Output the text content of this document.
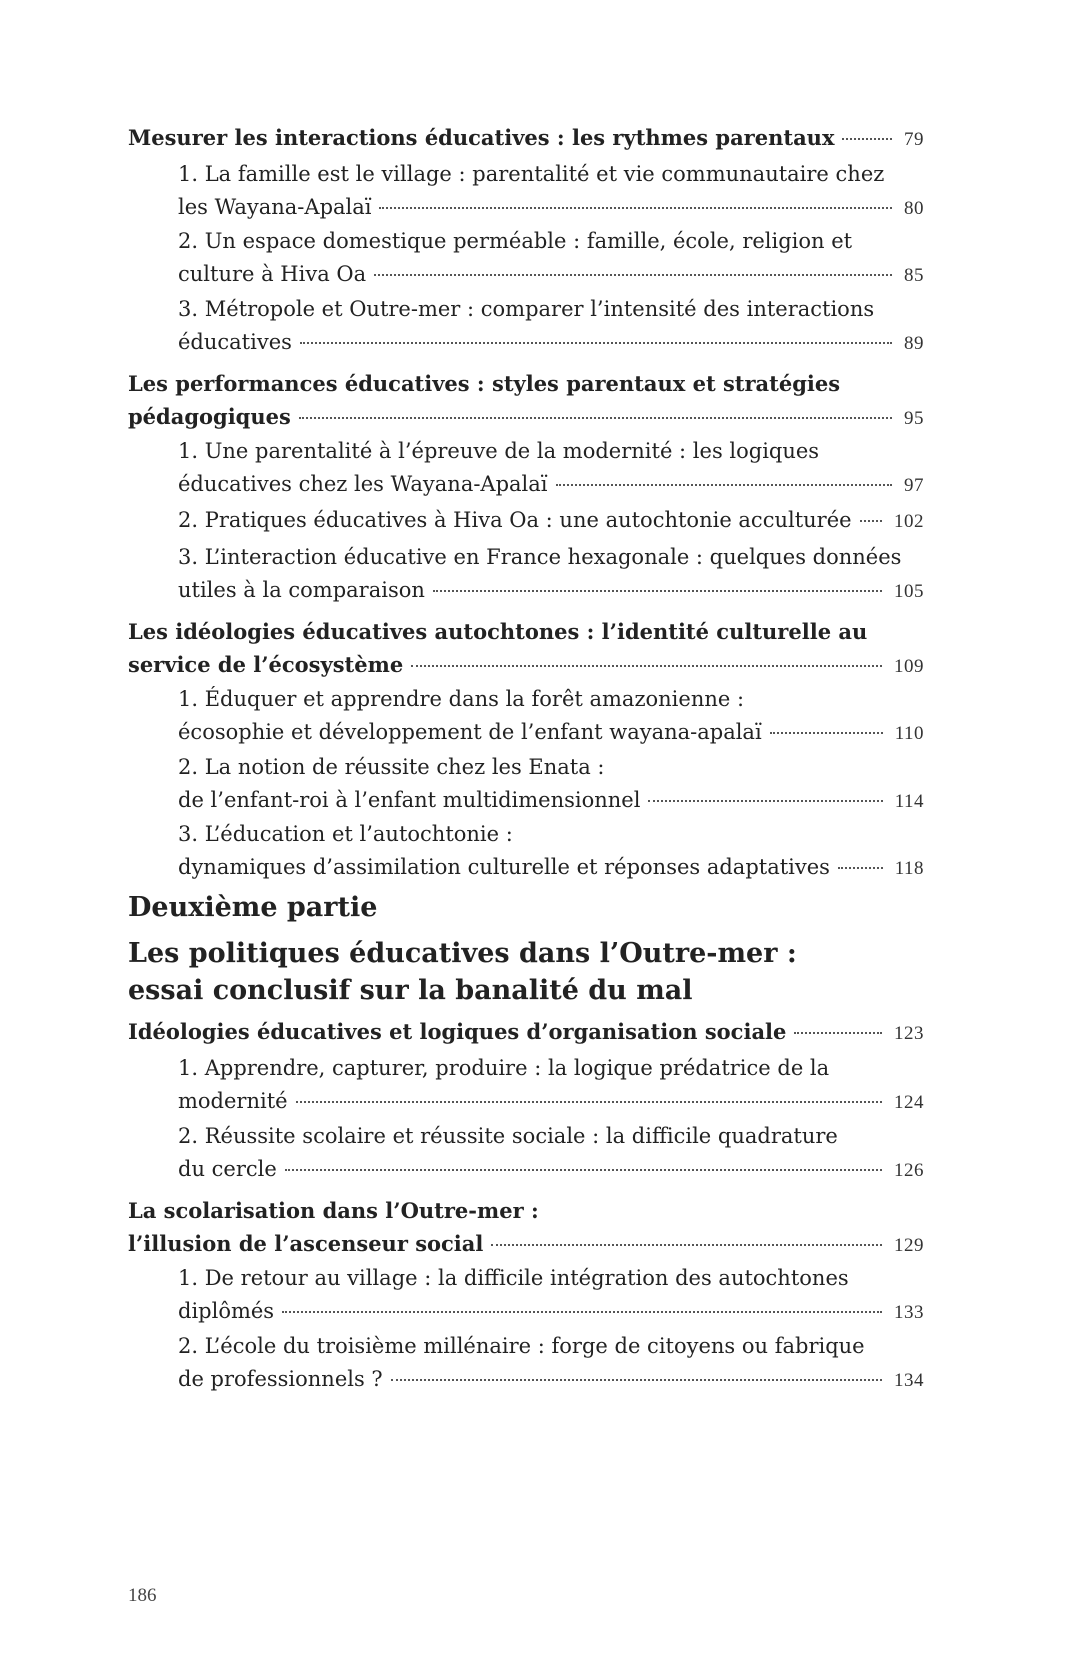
Mesurer les interactions éducatives : les rythmes parentaux	79
1. La famille est le village : parentalité et vie communautaire chez
les Wayana-Apalaï	80
2. Un espace domestique perméable : famille, école, religion et
culture à Hiva Oa	85
3. Métropole et Outre-mer : comparer l’intensité des interactions
éducatives	89
Les performances éducatives : styles parentaux et stratégies
pédagogiques	95
1. Une parentalité à l’épreuve de la modernité : les logiques
éducatives chez les Wayana-Apalaï	97
2. Pratiques éducatives à Hiva Oa : une autochtonie acculturée 102
3. L’interaction éducative en France hexagonale : quelques données
utiles à la comparaison	105
Les idéologies éducatives autochtones : l’identité culturelle au
service de l’écosystème	109
1. Éduquer et apprendre dans la forêt amazonienne :
écosophie et développement de l’enfant wayana-apalaï	110
2. La notion de réussite chez les Enata :
de l’enfant-roi à l’enfant multidimensionnel	114
3. L’éducation et l’autochtonie :
dynamiques d’assimilation culturelle et réponses adaptatives	118
Deuxième partie
Les politiques éducatives dans l’Outre-mer :
essai conclusif sur la banalité du mal
Idéologies éducatives et logiques d’organisation sociale	123
1. Apprendre, capturer, produire : la logique prédatrice de la
modernité	124
2. Réussite scolaire et réussite sociale : la difficile quadrature
du cercle	126
La scolarisation dans l’Outre-mer :
l’illusion de l’ascenseur social	129
1. De retour au village : la difficile intégration des autochtones
diplômés	133
2. L’école du troisième millénaire : forge de citoyens ou fabrique
de professionnels ?	134
186
